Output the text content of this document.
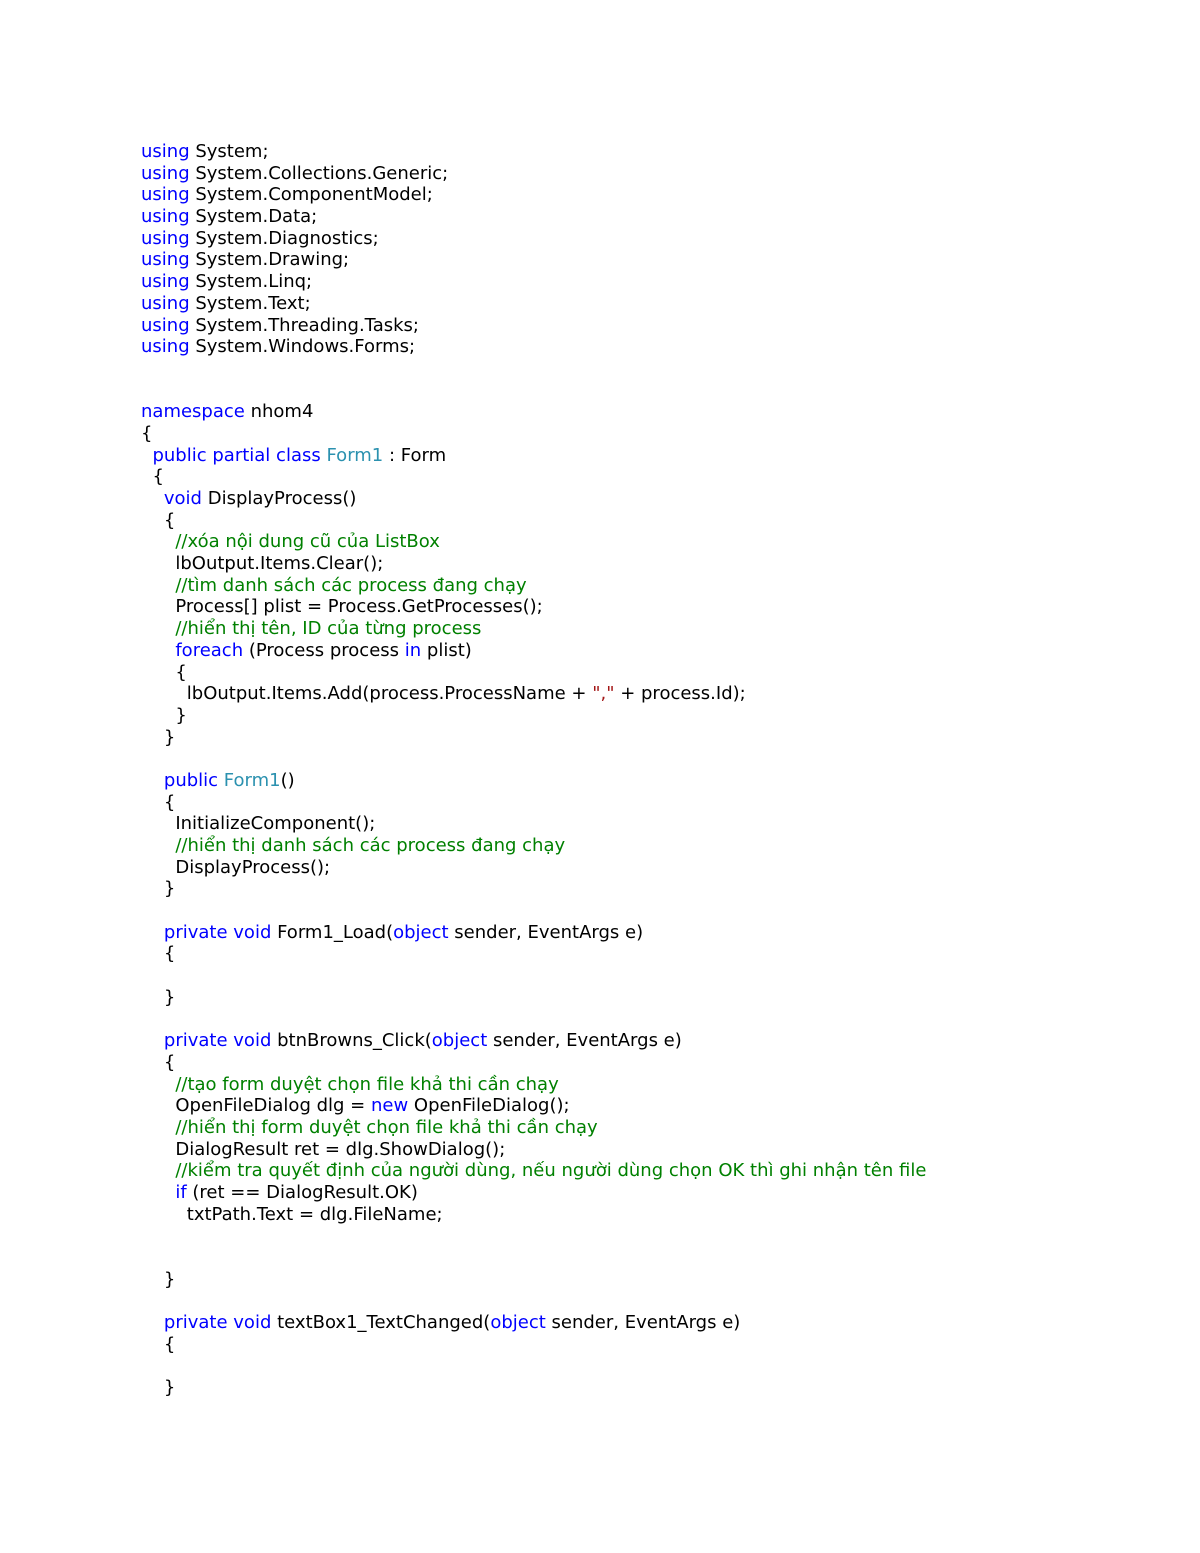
using System;
using System.Collections.Generic;
using System.ComponentModel;
using System.Data;
using System.Diagnostics;
using System.Drawing;
using System.Linq;
using System.Text;
using System.Threading.Tasks;
using System.Windows.Forms;
namespace nhom4
{
public partial class Form1 : Form
{
void DisplayProcess()
{
//xóa nội dung cũ của ListBox
lbOutput.Items.Clear();
//tìm danh sách các process đang chạy
Process[] plist = Process.GetProcesses();
//hiển thị tên, ID của từng process
foreach (Process process in plist)
{
lbOutput.Items.Add(process.ProcessName + "," + process.Id);
}
}
public Form1()
{
InitializeComponent();
//hiển thị danh sách các process đang chạy
DisplayProcess();
}
private void Form1_Load(object sender, EventArgs e)
{
}
private void btnBrowns_Click(object sender, EventArgs e)
{
//tạo form duyệt chọn file khả thi cần chạy
OpenFileDialog dlg = new OpenFileDialog();
//hiển thị form duyệt chọn file khả thi cần chạy
DialogResult ret = dlg.ShowDialog();
//kiểm tra quyết định của người dùng, nếu người dùng chọn OK thì ghi nhận tên file
if (ret == DialogResult.OK)
txtPath.Text = dlg.FileName;
}
private void textBox1_TextChanged(object sender, EventArgs e)
{
}
